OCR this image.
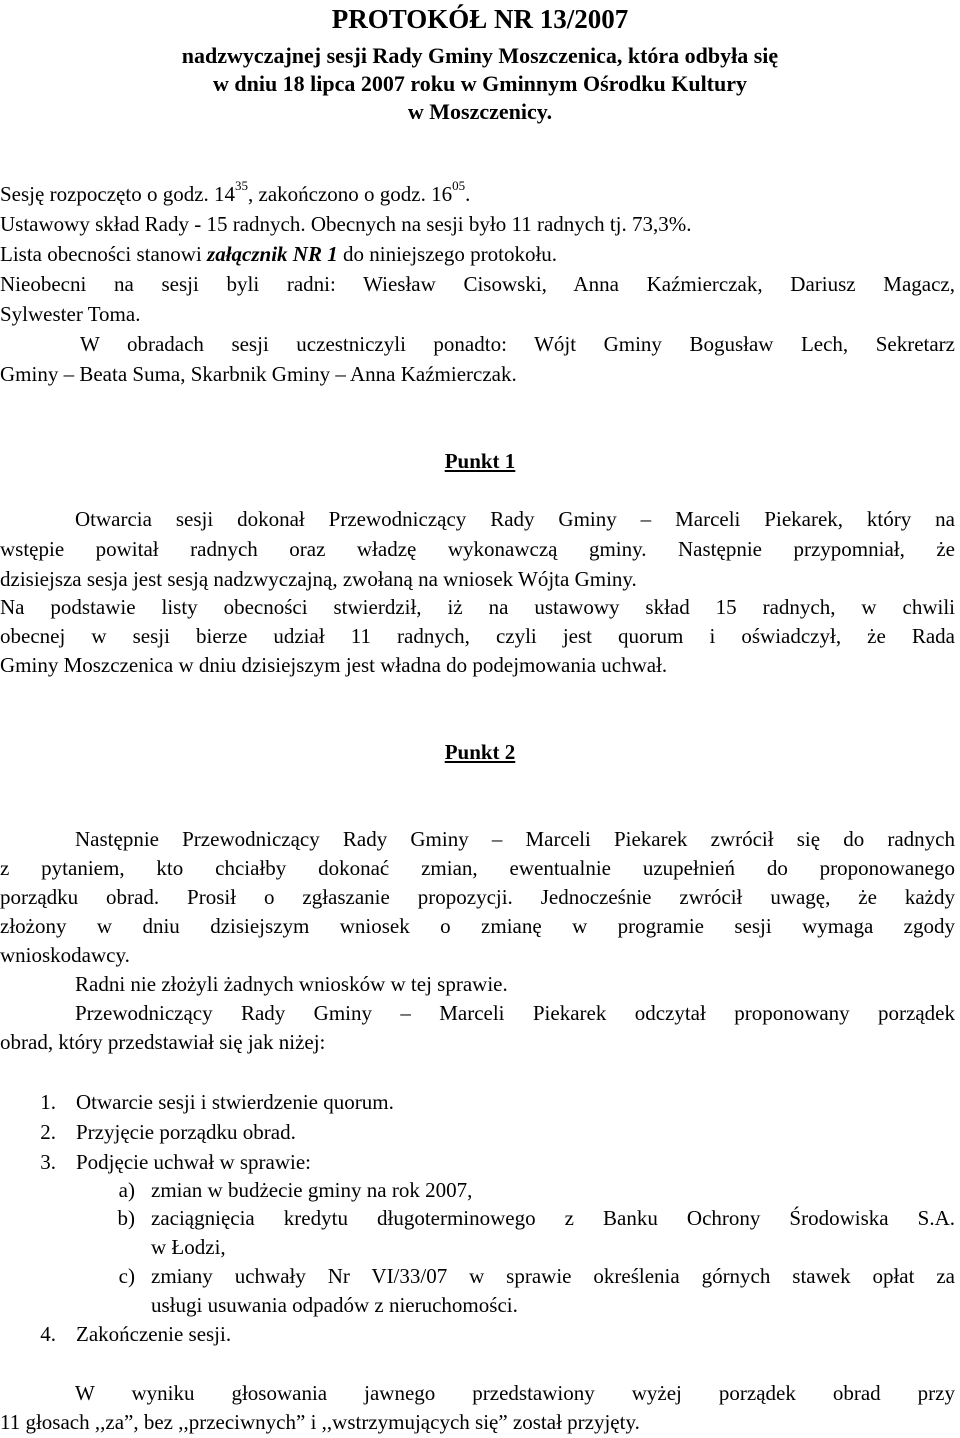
PROTOKÓŁ NR 13/2007
nadzwyczajnej sesji Rady Gminy Moszczenica, która odbyła się
w dniu 18 lipca 2007 roku w Gminnym Ośrodku Kultury
w Moszczenicy.
Sesję rozpoczęto o godz. $14^{35}$, zakończono o godz. $16^{05}$.
Ustawowy skład Rady - 15 radnych. Obecnych na sesji było 11 radnych tj. 73,3%.
Lista obecności stanowi załącznik NR 1 do niniejszego protokołu.
Nieobecni na sesji byli radni: Wiesław Cisowski, Anna Kaźmierczak, Dariusz Magacz,
Sylwester Toma.
W obradach sesji uczestniczyli ponadto: Wójt Gminy Bogusław Lech, Sekretarz
Gminy – Beata Suma, Skarbnik Gminy – Anna Kaźmierczak.
Punkt 1
Otwarcia sesji dokonał Przewodniczący Rady Gminy – Marceli Piekarek, który na
wstępie powitał radnych oraz władzę wykonawczą gminy. Następnie przypomniał, że
dzisiejsza sesja jest sesją nadzwyczajną, zwołaną na wniosek Wójta Gminy.
Na podstawie listy obecności stwierdził, iż na ustawowy skład 15 radnych, w chwili
obecnej w sesji bierze udział 11 radnych, czyli jest quorum i oświadczył, że Rada
Gminy Moszczenica w dniu dzisiejszym jest władna do podejmowania uchwał.
Punkt 2
Następnie Przewodniczący Rady Gminy – Marceli Piekarek zwrócił się do radnych
z pytaniem, kto chciałby dokonać zmian, ewentualnie uzupełnień do proponowanego
porządku obrad. Prosił o zgłaszanie propozycji. Jednocześnie zwrócił uwagę, że każdy
złożony w dniu dzisiejszym wniosek o zmianę w programie sesji wymaga zgody
wnioskodawcy.
Radni nie złożyli żadnych wniosków w tej sprawie.
Przewodniczący Rady Gminy – Marceli Piekarek odczytał proponowany porządek
obrad, który przedstawiał się jak niżej:
1. Otwarcie sesji i stwierdzenie quorum.
2. Przyjęcie porządku obrad.
3. Podjęcie uchwał w sprawie:
a) zmian w budżecie gminy na rok 2007,
b) zaciągnięcia kredytu długoterminowego z Banku Ochrony Środowiska S.A.
w Łodzi,
c) zmiany uchwały Nr VI/33/07 w sprawie określenia górnych stawek opłat za
usługi usuwania odpadów z nieruchomości.
4. Zakończenie sesji.
W wyniku głosowania jawnego przedstawiony wyżej porządek obrad przy
11 głosach ,,za”, bez ,,przeciwnych” i ,,wstrzymujących się” został przyjęty.
